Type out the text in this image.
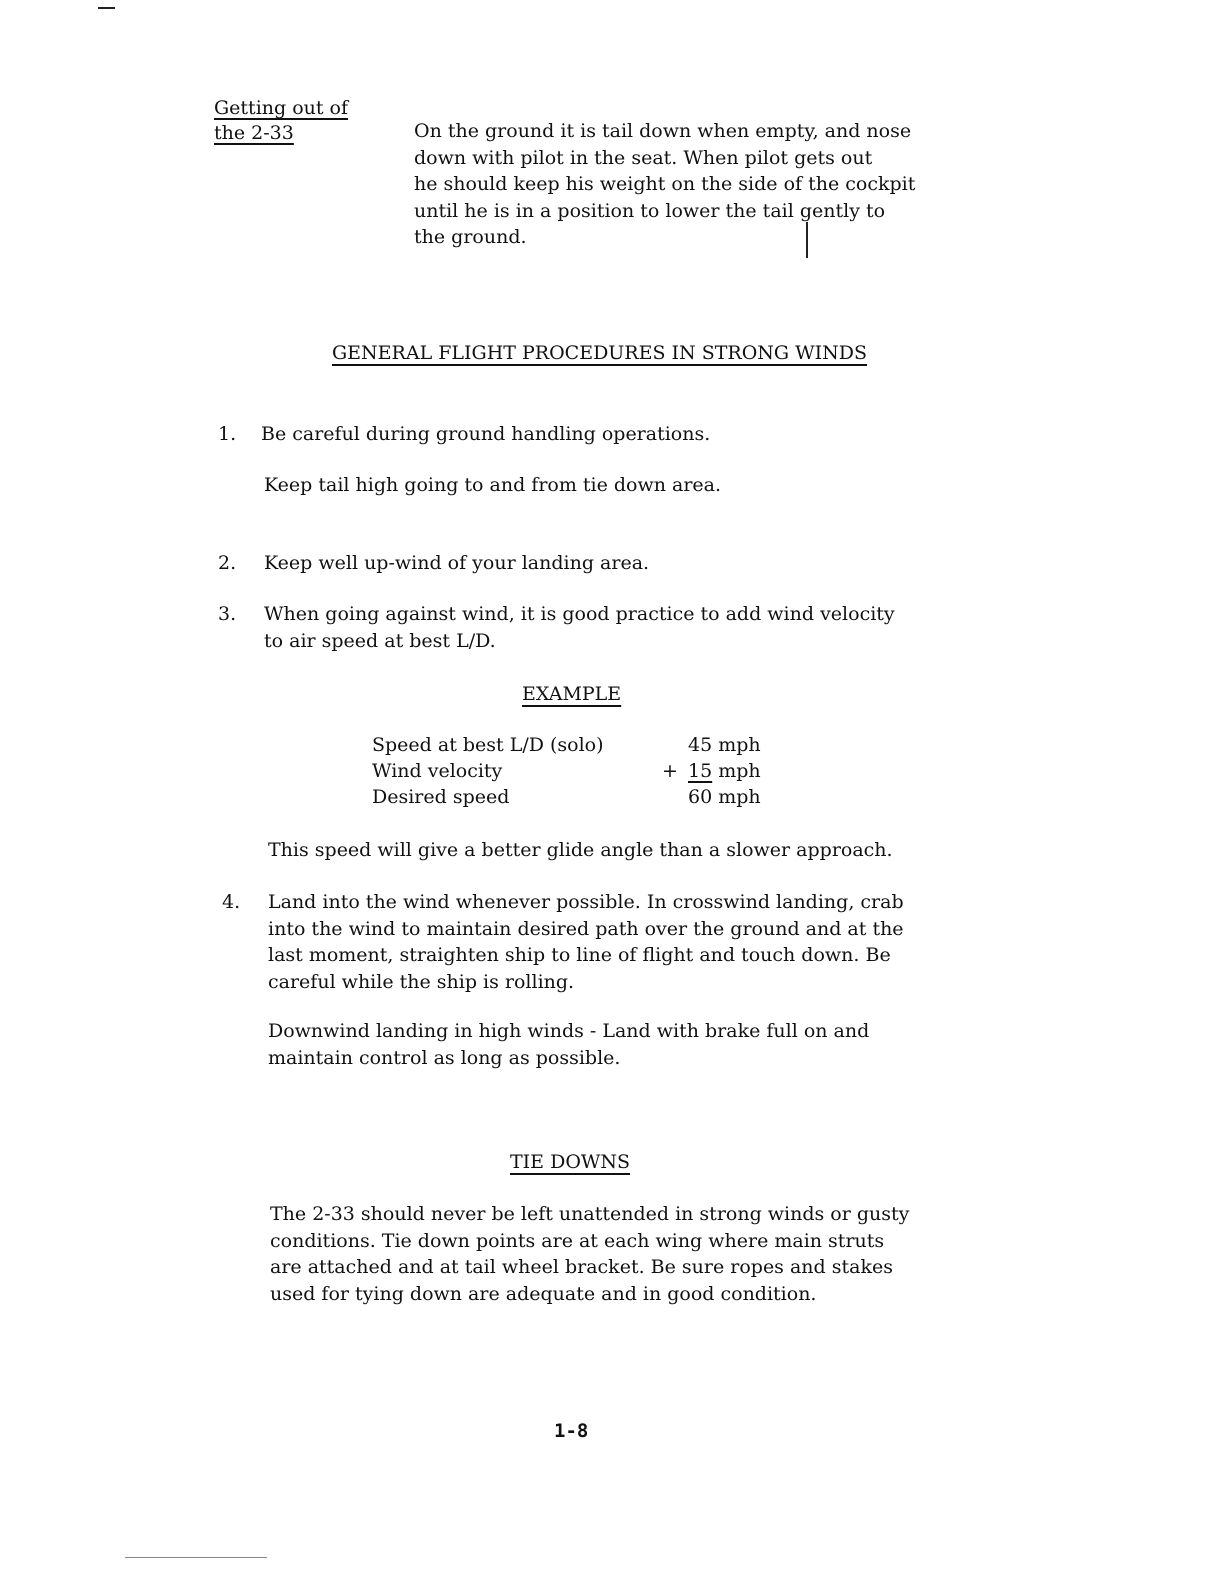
Getting out of
the 2-33	On the ground it is tail down when empty, and nose
down with pilot in the seat. When pilot gets out
he should keep his weight on the side of the cockpit
until he is in a position to lower the tail gently to
the ground.
GENERAL FLIGHT PROCEDURES IN STRONG WINDS
1. Be careful during ground handling operations.
Keep tail high going to and from tie down area.
2. Keep well up-wind of your landing area.
3. When going against wind, it is good practice to add wind velocity
to air speed at best L/D.
EXAMPLE
Speed at best L/D (solo)	45 mph
Wind velocity	+ 15 mph
Desired speed	60 mph
This speed will give a better glide angle than a slower approach.
4. Land into the wind whenever possible. In crosswind landing, crab
into the wind to maintain desired path over the ground and at the
last moment, straighten ship to line of flight and touch down. Be
careful while the ship is rolling.
Downwind landing in high winds - Land with brake full on and
maintain control as long as possible.
TIE DOWNS
The 2-33 should never be left unattended in strong winds or gusty
conditions. Tie down points are at each wing where main struts
are attached and at tail wheel bracket. Be sure ropes and stakes
used for tying down are adequate and in good condition.
1-8
